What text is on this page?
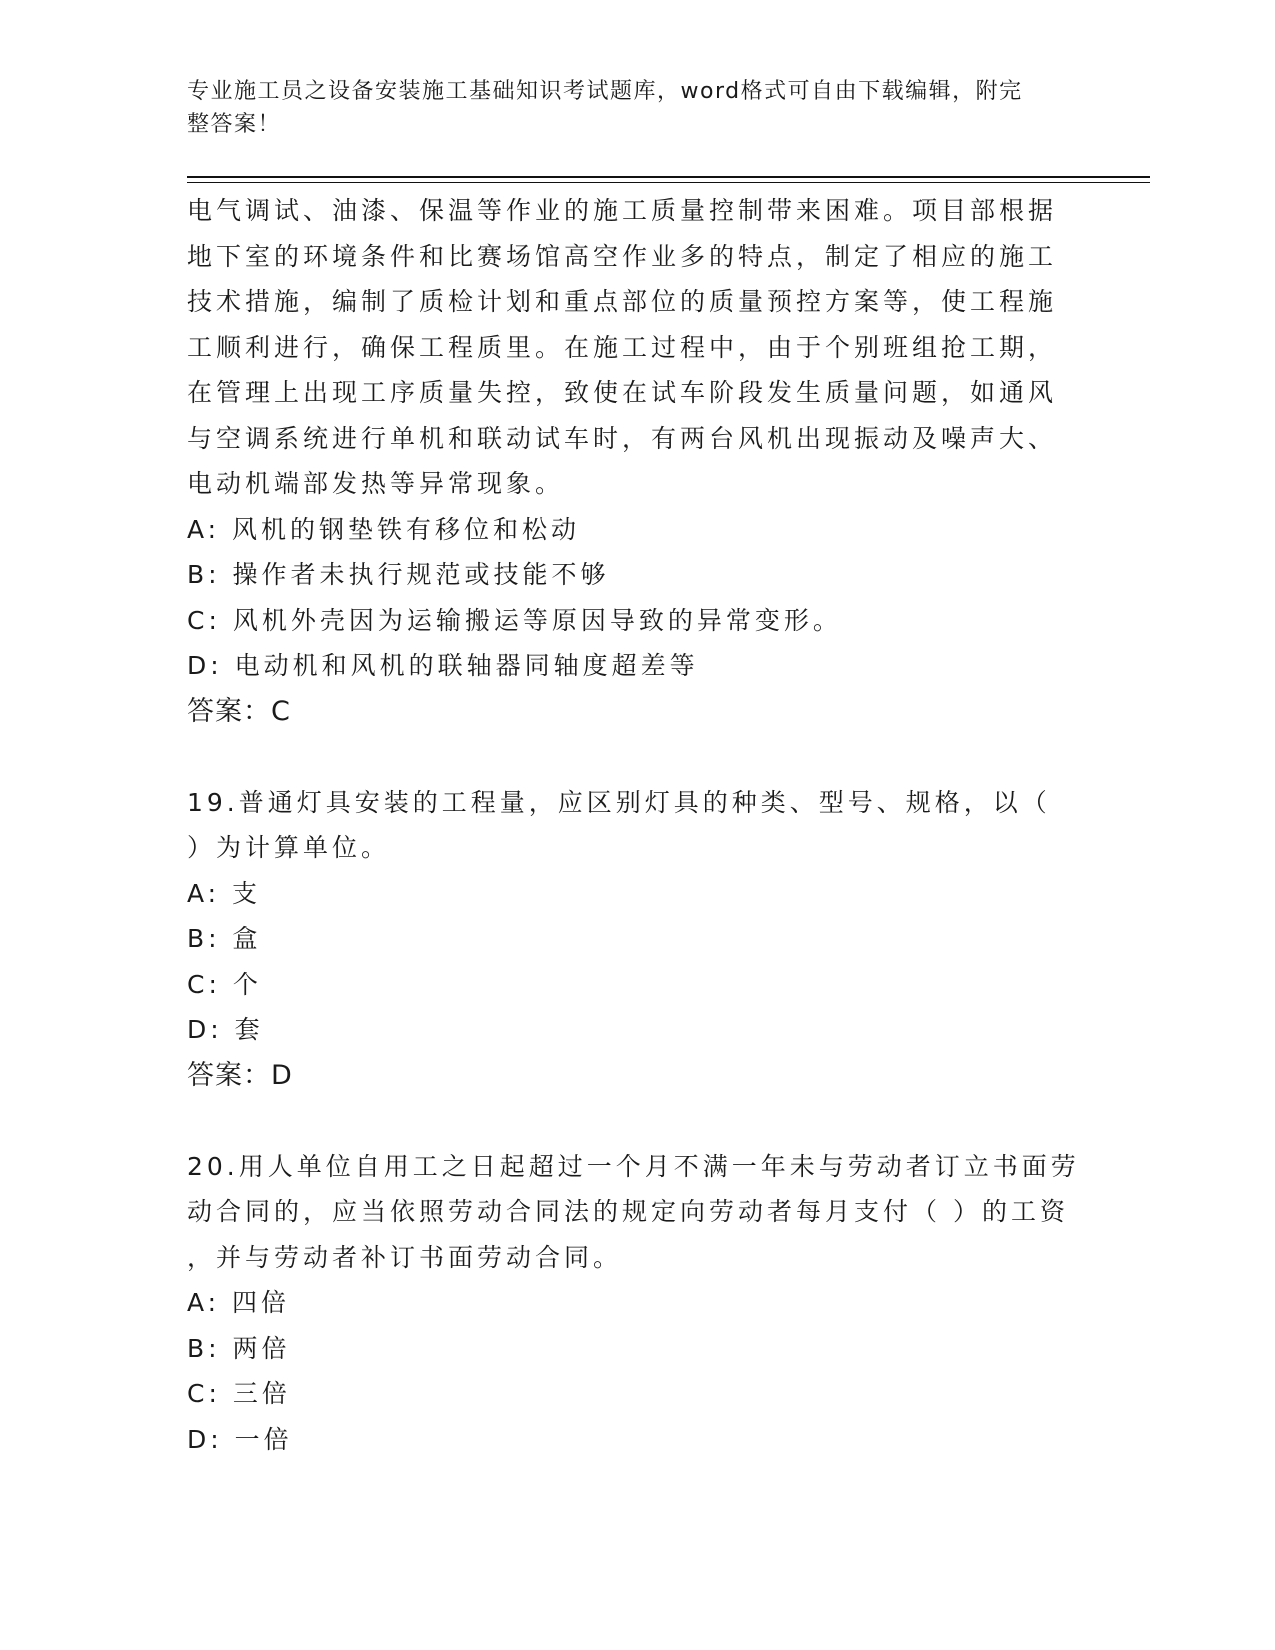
专业施工员之设备安装施工基础知识考试题库，word格式可自由下载编辑，附完
整答案！

电气调试、油漆、保温等作业的施工质量控制带来困难。项目部根据

地下室的环境条件和比赛场馆高空作业多的特点，制定了相应的施工

技术措施，编制了质检计划和重点部位的质量预控方案等，使工程施

工顺利进行，确保工程质里。在施工过程中，由于个别班组抢工期，

在管理上出现工序质量失控，致使在试车阶段发生质量问题，如通风

与空调系统进行单机和联动试车时，有两台风机出现振动及噪声大、

电动机端部发热等异常现象。

A: 风机的钢垫铁有移位和松动

B: 操作者未执行规范或技能不够

C: 风机外壳因为运输搬运等原因导致的异常变形。

D: 电动机和风机的联轴器同轴度超差等

答案：C

19.普通灯具安装的工程量，应区别灯具的种类、型号、规格，以（

）为计算单位。

A: 支

B: 盒

C: 个

D: 套

答案：D

20.用人单位自用工之日起超过一个月不满一年未与劳动者订立书面劳

动合同的，应当依照劳动合同法的规定向劳动者每月支付（ ）的工资

，并与劳动者补订书面劳动合同。

A: 四倍

B: 两倍

C: 三倍

D: 一倍
